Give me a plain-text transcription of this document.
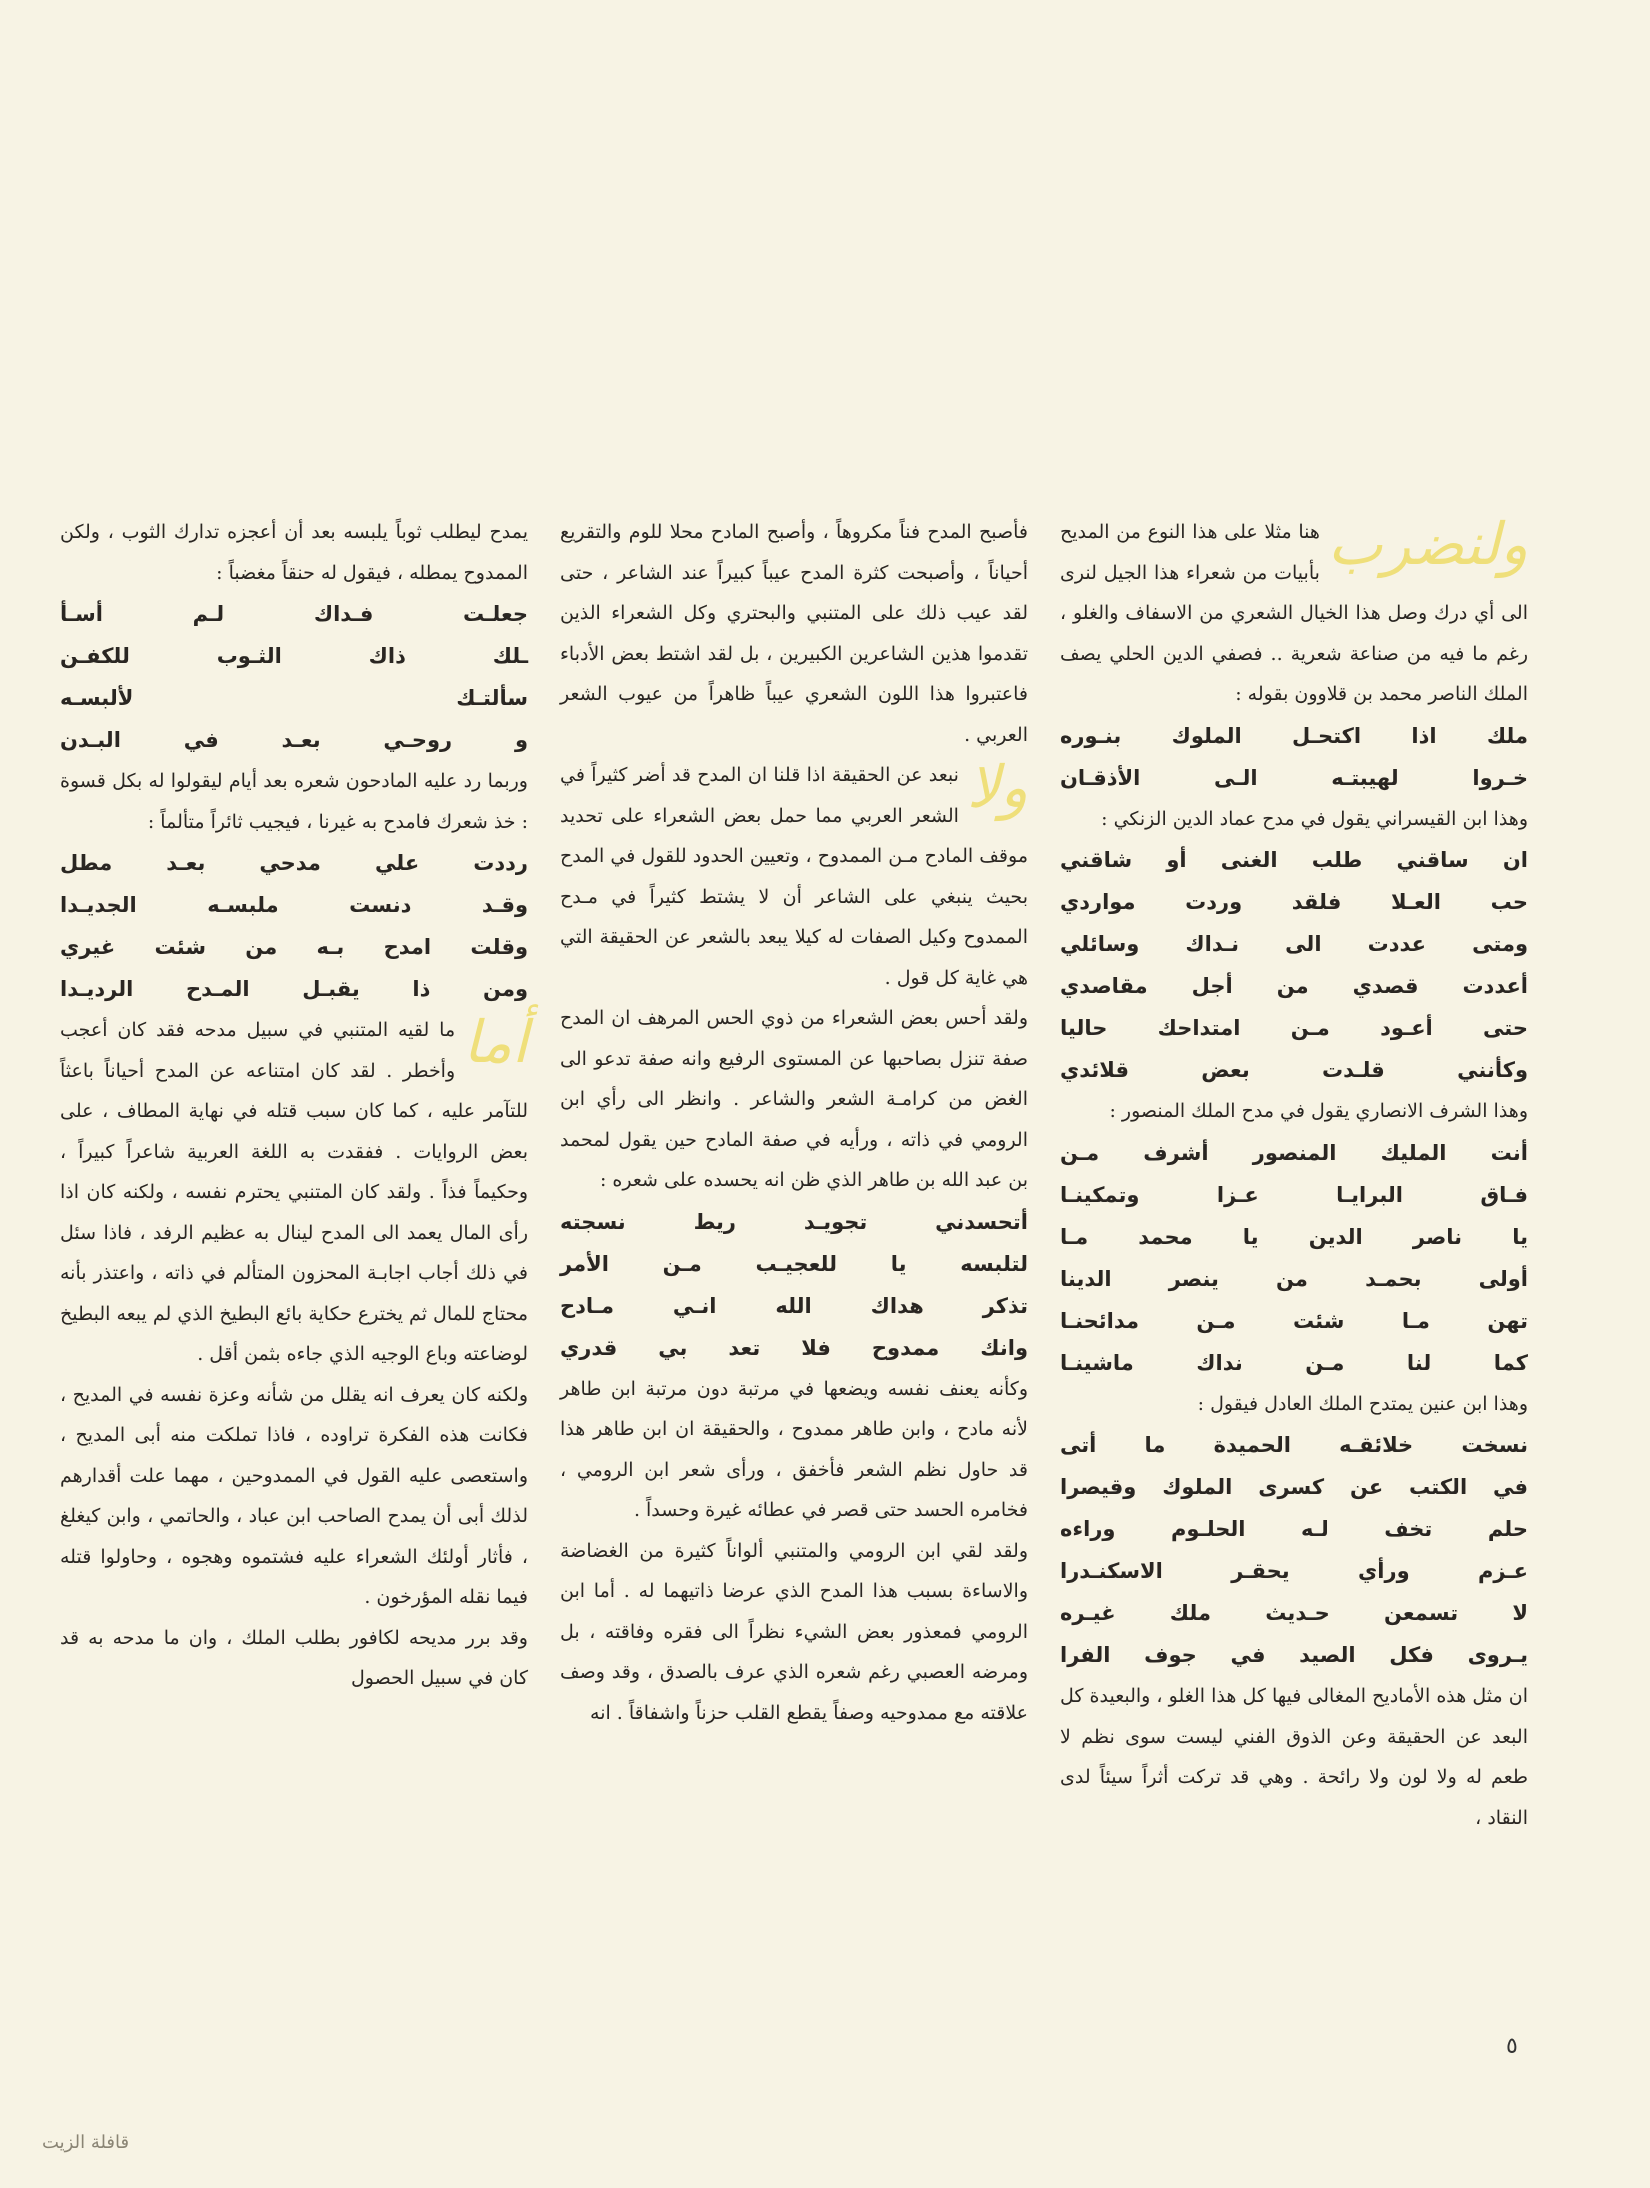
ولنضرب

هنا مثلا على هذا النوع من المديح بأبيات من شعراء هذا الجيل لنرى الى أي درك وصل هذا الخيال الشعري من الاسفاف والغلو ، رغم ما فيه من صناعة شعرية .. فصفي الدين الحلي يصف الملك الناصر محمد بن قلاوون بقوله :

ملك اذا اكتحـل الملوك بنـوره

خـروا لهيبتـه الـى الأذقـان

وهذا ابن القيسراني يقول في مدح عماد الدين الزنكي :

ان ساقني طلب الغنى أو شاقني

حب العـلا فلقد وردت مواردي

ومتى عددت الى نـداك وسائلي

أعددت قصدي من أجل مقاصدي

حتى أعـود مـن امتداحك حاليا

وكأنني قلـدت بعض قلائدي

وهذا الشرف الانصاري يقول في مدح الملك المنصور :

أنت المليك المنصور أشرف مـن

فـاق البرايـا عـزا وتمكينـا

يا ناصر الدين يا محمد مـا

أولى بحمـد من ينصر الدينا

تهن مـا شئت مـن مدائحنـا

كما لنا مـن نداك ماشينـا

وهذا ابن عنين يمتدح الملك العادل فيقول :

نسخت خلائقـه الحميدة ما أتى

في الكتب عن كسرى الملوك وقيصرا

حلم تخف لـه الحلـوم وراءه

عـزم ورأي يحقـر الاسكنـدرا

لا تسمعن حـديث ملك غيـره

يـروى فكل الصيد في جوف الفرا

ان مثل هذه الأماديح المغالى فيها كل هذا الغلو ، والبعيدة كل البعد عن الحقيقة وعن الذوق الفني ليست سوى نظم لا طعم له ولا لون ولا رائحة . وهي قد تركت أثراً سيئاً لدى النقاد ،

فأصبح المدح فناً مكروهاً ، وأصبح المادح محلا للوم والتقريع أحياناً ، وأصبحت كثرة المدح عيباً كبيراً عند الشاعر ، حتى لقد عيب ذلك على المتنبي والبحتري وكل الشعراء الذين تقدموا هذين الشاعرين الكبيرين ، بل لقد اشتط بعض الأدباء فاعتبروا هذا اللون الشعري عيباً ظاهراً من عيوب الشعر العربي .

ولا

نبعد عن الحقيقة اذا قلنا ان المدح قد أضر كثيراً في الشعر العربي مما حمل بعض الشعراء على تحديد موقف المادح مـن الممدوح ، وتعيين الحدود للقول في المدح بحيث ينبغي على الشاعر أن لا يشتط كثيراً في مـدح الممدوح وكيل الصفات له كيلا يبعد بالشعر عن الحقيقة التي هي غاية كل قول .

ولقد أحس بعض الشعراء من ذوي الحس المرهف ان المدح صفة تنزل بصاحبها عن المستوى الرفيع وانه صفة تدعو الى الغض من كرامـة الشعر والشاعر . وانظر الى رأي ابن الرومي في ذاته ، ورأيه في صفة المادح حين يقول لمحمد بن عبد الله بن طاهر الذي ظن انه يحسده على شعره :

أتحسدني تجويـد ريط نسجته

لتلبسه يا للعجيـب مـن الأمر

تذكر هداك الله انـي مـادح

وانك ممدوح فلا تعد بي قدري

وكأنه يعنف نفسه ويضعها في مرتبة دون مرتبة ابن طاهر لأنه مادح ، وابن طاهر ممدوح ، والحقيقة ان ابن طاهر هذا قد حاول نظم الشعر فأخفق ، ورأى شعر ابن الرومي ، فخامره الحسد حتى قصر في عطائه غيرة وحسداً .

ولقد لقي ابن الرومي والمتنبي ألواناً كثيرة من الغضاضة والاساءة بسبب هذا المدح الذي عرضا ذاتيهما له . أما ابن الرومي فمعذور بعض الشيء نظراً الى فقره وفاقته ، بل ومرضه العصبي رغم شعره الذي عرف بالصدق ، وقد وصف علاقته مع ممدوحيه وصفاً يقطع القلب حزناً واشفاقاً . انه

يمدح ليطلب ثوباً يلبسه بعد أن أعجزه تدارك الثوب ، ولكن الممدوح يمطله ، فيقول له حنقاً مغضباً :

جعلـت فـداك لـم أسـأ

ـلك ذاك الثـوب للكفـن

سألتـك لألبسـه

و روحـي بعـد في البـدن

وربما رد عليه المادحون شعره بعد أيام ليقولوا له بكل قسوة : خذ شعرك فامدح به غيرنا ، فيجيب ثائراً متألماً :

رددت علي مدحي بعـد مطل

وقـد دنست ملبسـه الجديـدا

وقلت امدح بـه من شئت غيري

ومن ذا يقبـل المـدح الرديـدا

أما

ما لقيه المتنبي في سبيل مدحه فقد كان أعجب وأخطر . لقد كان امتناعه عن المدح أحياناً باعثاً للتآمر عليه ، كما كان سبب قتله في نهاية المطاف ، على بعض الروايات . ففقدت به اللغة العربية شاعراً كبيراً ، وحكيماً فذاً . ولقد كان المتنبي يحترم نفسه ، ولكنه كان اذا رأى المال يعمد الى المدح لينال به عظيم الرفد ، فاذا سئل في ذلك أجاب اجابـة المحزون المتألم في ذاته ، واعتذر بأنه محتاج للمال ثم يخترع حكاية بائع البطيخ الذي لم يبعه البطيخ لوضاعته وباع الوجيه الذي جاءه بثمن أقل .

ولكنه كان يعرف انه يقلل من شأنه وعزة نفسه في المديح ، فكانت هذه الفكرة تراوده ، فاذا تملكت منه أبى المديح ، واستعصى عليه القول في الممدوحين ، مهما علت أقدارهم لذلك أبى أن يمدح الصاحب ابن عباد ، والحاتمي ، وابن كيغلغ ، فأثار أولئك الشعراء عليه فشتموه وهجوه ، وحاولوا قتله فيما نقله المؤرخون .

وقد برر مديحه لكافور بطلب الملك ، وان ما مدحه به قد كان في سبيل الحصول

٥
قافلة الزيت
